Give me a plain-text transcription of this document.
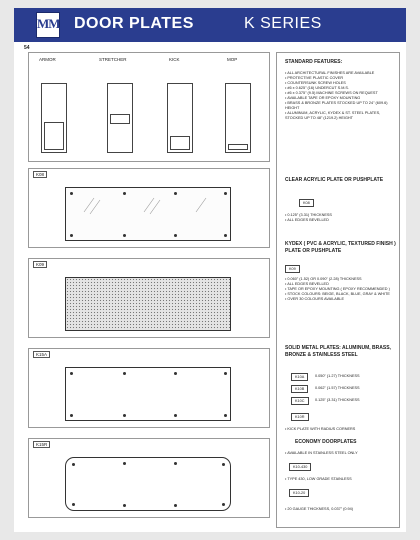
MM DOOR PLATES	K SERIES
54
ARMOR	STRETCHER	KICK	MOP
K08
K09
K15A
K15R
STANDARD FEATURES:
• ALL ARCHITECTURAL FINISHES ARE AVAILABLE
• PROTECTIVE PLASTIC COVER
• COUNTERSUNK SCREW HOLES
• #6 x 0.625" (16) UNDERCUT S.M.S.
• #6 x 0.375" (9.5) MACHINE SCREWS ON REQUEST
• AVAILABLE TAPE OR EPOXY MOUNTING
• BRASS & BRONZE PLATES STOCKED UP TO 24" (609.6) HEIGHT
• ALUMINUM, ACRYLIC, KYDEX & ST. STEEL PLATES, STOCKED UP TO 48" (1219.2) HEIGHT
CLEAR ACRYLIC PLATE OR PUSHPLATE
K08
• 0.125" (3.31) THICKNESS
• ALL EDGES BEVELLED
KYDEX ( PVC & ACRYLIC, TEXTURED FINISH ) PLATE OR PUSHPLATE
K09
• 0.060" (1.52) OR 0.090" (2.28) THICKNESS
• ALL EDGES BEVELLED
• TAPE OR EPOXY MOUNTING ( EPOXY RECOMMENDED )
• STOCK COLOURS: BEIGE, BLACK, BLUE, GRAY & WHITE
• OVER 30 COLOURS AVAILABLE
SOLID METAL PLATES: ALUMINUM, BRASS, BRONZE & STAINLESS STEEL
K10A	0.050" (1.27) THICKNESS
K10B	0.062" (1.57) THICKNESS
K10C	0.125" (3.31) THICKNESS
K10R
• KICK PLATE WITH RADIUS CORNERS
ECONOMY DOORPLATES
• AVAILABLE IN STAINLESS STEEL ONLY
K10-430
• TYPE 430, LOW GRADE STAINLESS
K10-20
• 20 GAUGE THICKNESS, 0.037" (0.94)
